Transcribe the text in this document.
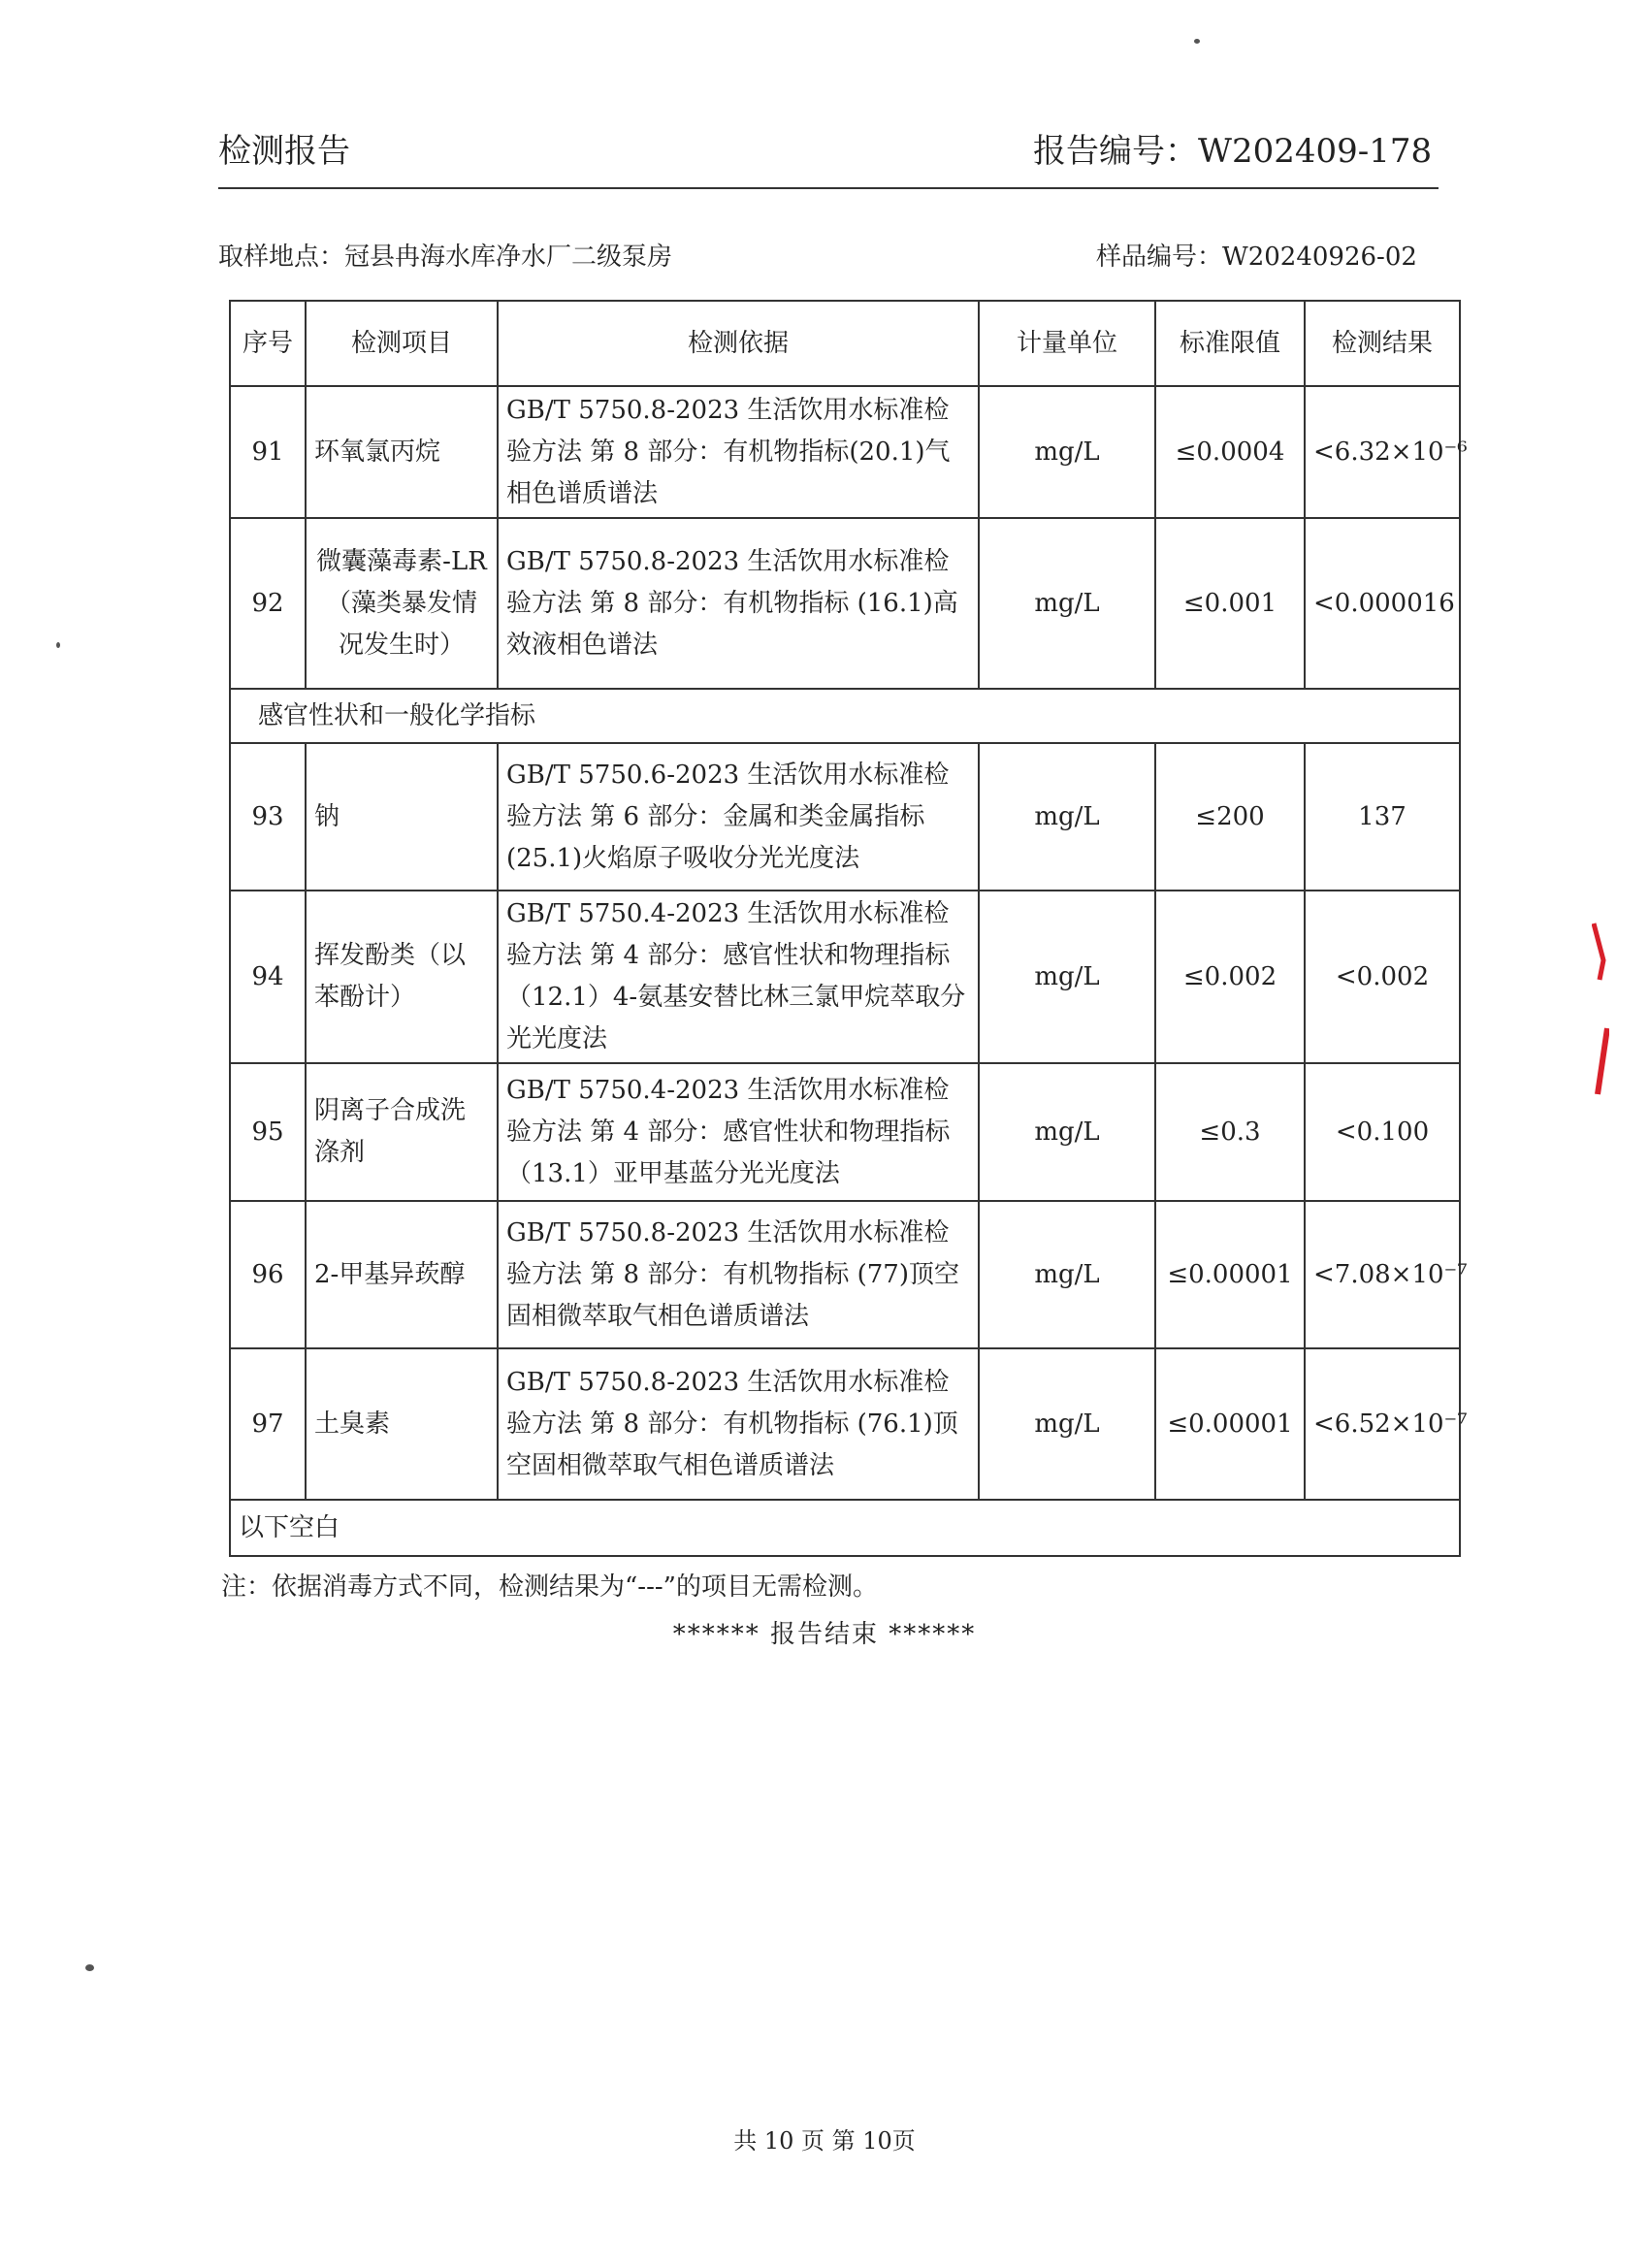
检测报告	报告编号：W202409-178
取样地点：冠县冉海水库净水厂二级泵房	样品编号：W20240926-02
序号	检测项目	检测依据	计量单位	标准限值	检测结果
91	环氧氯丙烷	GB/T 5750.8-2023 生活饮用水标准检验方法 第 8 部分：有机物指标(20.1)气相色谱质谱法	mg/L	≤0.0004	<6.32×10⁻⁶
92	微囊藻毒素-LR（藻类暴发情况发生时）	GB/T 5750.8-2023 生活饮用水标准检验方法 第 8 部分：有机物指标 (16.1)高效液相色谱法	mg/L	≤0.001	<0.000016
感官性状和一般化学指标					
93	钠	GB/T 5750.6-2023 生活饮用水标准检验方法 第 6 部分：金属和类金属指标(25.1)火焰原子吸收分光光度法	mg/L	≤200	137
94	挥发酚类（以苯酚计）	GB/T 5750.4-2023 生活饮用水标准检验方法 第 4 部分：感官性状和物理指标 （12.1）4-氨基安替比林三氯甲烷萃取分光光度法	mg/L	≤0.002	<0.002
95	阴离子合成洗涤剂	GB/T 5750.4-2023 生活饮用水标准检验方法 第 4 部分：感官性状和物理指标（13.1）亚甲基蓝分光光度法	mg/L	≤0.3	<0.100
96	2-甲基异莰醇	GB/T 5750.8-2023 生活饮用水标准检验方法 第 8 部分：有机物指标 (77)顶空固相微萃取气相色谱质谱法	mg/L	≤0.00001	<7.08×10⁻⁷
97	土臭素	GB/T 5750.8-2023 生活饮用水标准检验方法 第 8 部分：有机物指标 (76.1)顶空固相微萃取气相色谱质谱法	mg/L	≤0.00001	<6.52×10⁻⁷
以下空白					
注：依据消毒方式不同，检测结果为“---”的项目无需检测。
****** 报告结束 ******
共 10 页 第 10页
